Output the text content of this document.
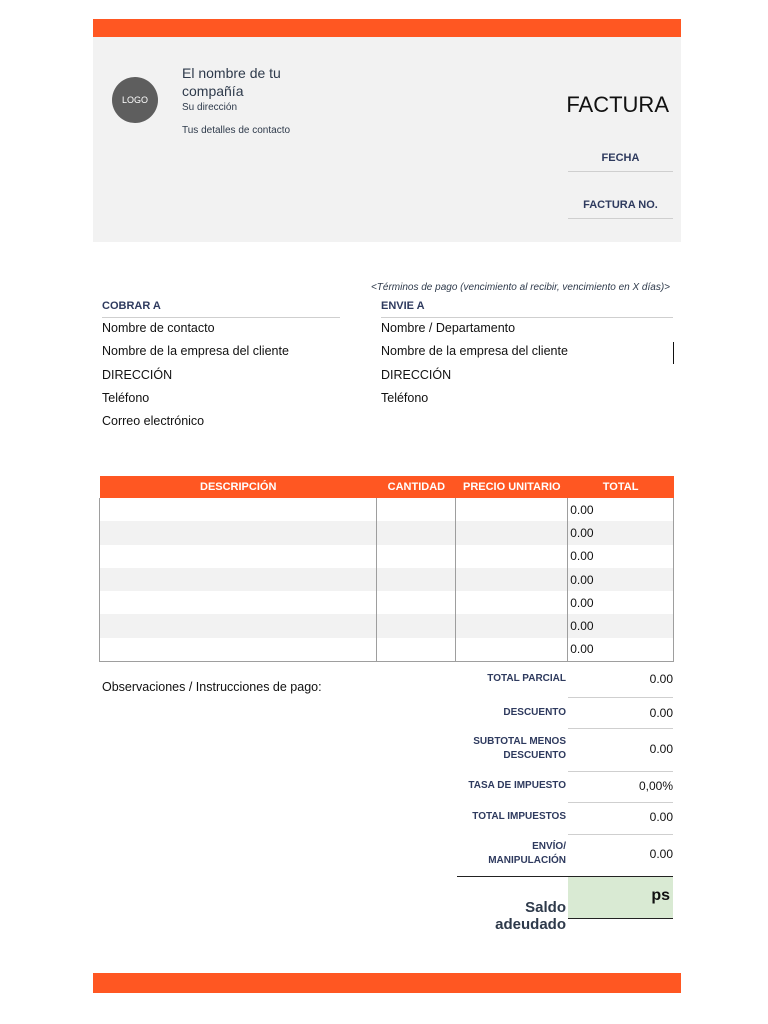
LOGO
El nombre de tu compañía
Su dirección
Tus detalles de contacto
FACTURA
FECHA
FACTURA NO.
<Términos de pago (vencimiento al recibir, vencimiento en X días)>
COBRAR A
Nombre de contacto
Nombre de la empresa del cliente
DIRECCIÓN
Teléfono
Correo electrónico
ENVIE A
Nombre / Departamento
Nombre de la empresa del cliente
DIRECCIÓN
Teléfono
DESCRIPCIÓN	CANTIDAD	PRECIO UNITARIO	TOTAL
			0.00
			0.00
			0.00
			0.00
			0.00
			0.00
			0.00
Observaciones / Instrucciones de pago:
TOTAL PARCIAL	0.00
DESCUENTO	0.00
SUBTOTAL MENOS DESCUENTO	0.00
TASA DE IMPUESTO	0,00%
TOTAL IMPUESTOS	0.00
ENVÍO/ MANIPULACIÓN	0.00
Saldo adeudado
ps
